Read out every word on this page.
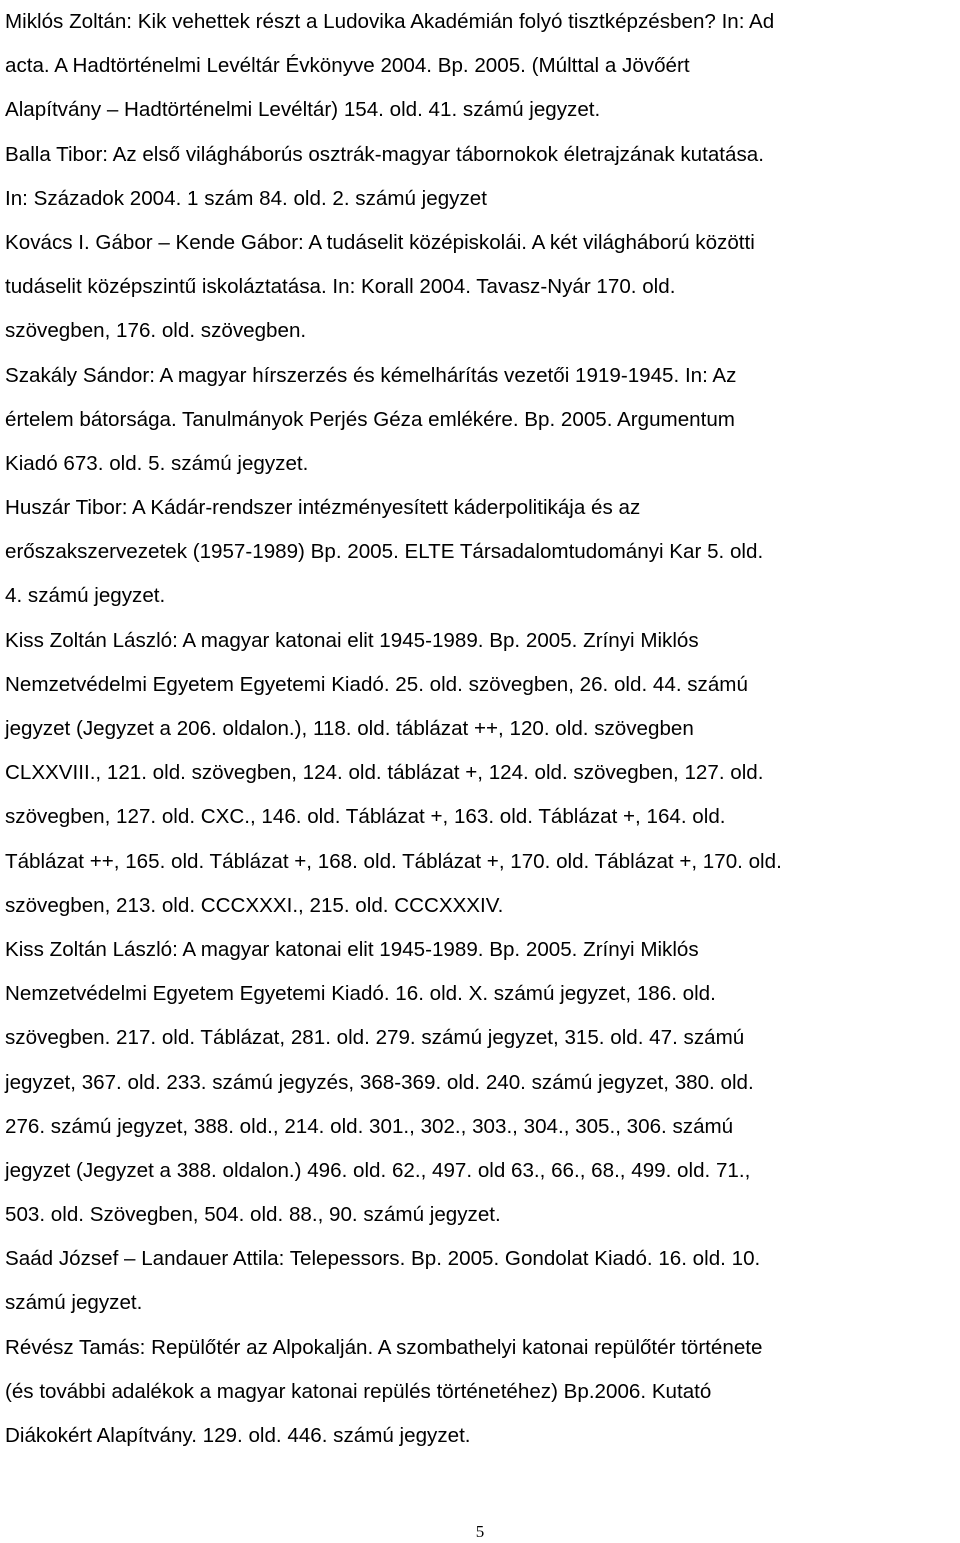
Miklós Zoltán: Kik vehettek részt a Ludovika Akadémián folyó tisztképzésben? In: Ad
acta. A Hadtörténelmi Levéltár Évkönyve 2004. Bp. 2005. (Múlttal a Jövőért
Alapítvány – Hadtörténelmi Levéltár) 154. old. 41. számú jegyzet.
Balla Tibor: Az első világháborús osztrák-magyar tábornokok életrajzának kutatása.
In: Századok 2004. 1 szám 84. old. 2. számú jegyzet
Kovács I. Gábor – Kende Gábor: A tudáselit középiskolái. A két világháború közötti
tudáselit középszintű iskoláztatása. In: Korall 2004. Tavasz-Nyár 170. old.
szövegben, 176. old. szövegben.
Szakály Sándor: A magyar hírszerzés és kémelhárítás vezetői 1919-1945. In: Az
értelem bátorsága. Tanulmányok Perjés Géza emlékére. Bp. 2005. Argumentum
Kiadó 673. old. 5. számú jegyzet.
Huszár Tibor: A Kádár-rendszer intézményesített káderpolitikája és az
erőszakszervezetek (1957-1989) Bp. 2005. ELTE Társadalomtudományi Kar 5. old.
4. számú jegyzet.
Kiss Zoltán László: A magyar katonai elit 1945-1989. Bp. 2005. Zrínyi Miklós
Nemzetvédelmi Egyetem Egyetemi Kiadó. 25. old. szövegben, 26. old. 44. számú
jegyzet (Jegyzet a 206. oldalon.), 118. old. táblázat ++, 120. old. szövegben
CLXXVIII., 121. old. szövegben, 124. old. táblázat +, 124. old. szövegben, 127. old.
szövegben, 127. old. CXC., 146. old. Táblázat +, 163. old. Táblázat +, 164. old.
Táblázat ++, 165. old. Táblázat +, 168. old. Táblázat +, 170. old. Táblázat +, 170. old.
szövegben, 213. old. CCCXXXI., 215. old. CCCXXXIV.
Kiss Zoltán László: A magyar katonai elit 1945-1989. Bp. 2005. Zrínyi Miklós
Nemzetvédelmi Egyetem Egyetemi Kiadó. 16. old. X. számú jegyzet, 186. old.
szövegben. 217. old. Táblázat, 281. old. 279. számú jegyzet, 315. old. 47. számú
jegyzet, 367. old. 233. számú jegyzés, 368-369. old. 240. számú jegyzet, 380. old.
276. számú jegyzet, 388. old., 214. old. 301., 302., 303., 304., 305., 306. számú
jegyzet (Jegyzet a 388. oldalon.) 496. old. 62., 497. old 63., 66., 68., 499. old. 71.,
503. old. Szövegben, 504. old. 88., 90. számú jegyzet.
Saád József – Landauer Attila: Telepessors. Bp. 2005. Gondolat Kiadó. 16. old. 10.
számú jegyzet.
Révész Tamás: Repülőtér az Alpokalján. A szombathelyi katonai repülőtér története
(és további adalékok a magyar katonai repülés történetéhez) Bp.2006. Kutató
Diákokért Alapítvány. 129. old. 446. számú jegyzet.
5
